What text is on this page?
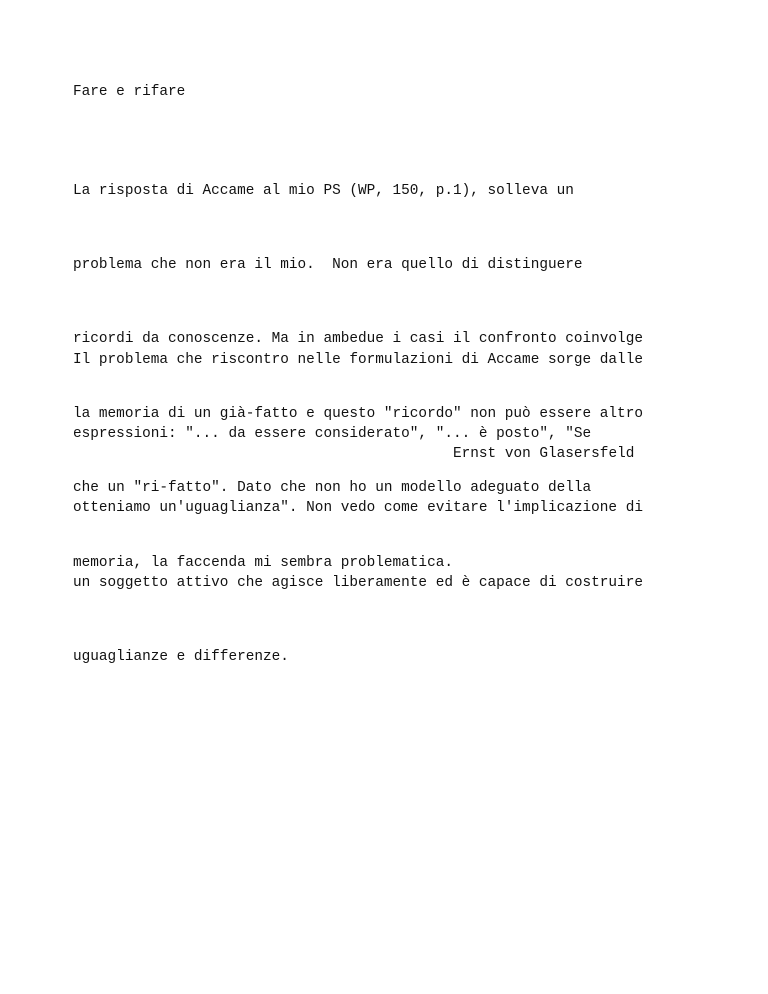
Fare e rifare

La risposta di Accame al mio PS (WP, 150, p.1), solleva un

problema che non era il mio.  Non era quello di distinguere

ricordi da conoscenze. Ma in ambedue i casi il confronto coinvolge

la memoria di un già-fatto e questo "ricordo" non può essere altro

che un "ri-fatto". Dato che non ho un modello adeguato della

memoria, la faccenda mi sembra problematica.

Il problema che riscontro nelle formulazioni di Accame sorge dalle

espressioni: "... da essere considerato", "... è posto", "Se

otteniamo un'uguaglianza". Non vedo come evitare l'implicazione di

un soggetto attivo che agisce liberamente ed è capace di costruire

uguaglianze e differenze.

Ernst von Glasersfeld
